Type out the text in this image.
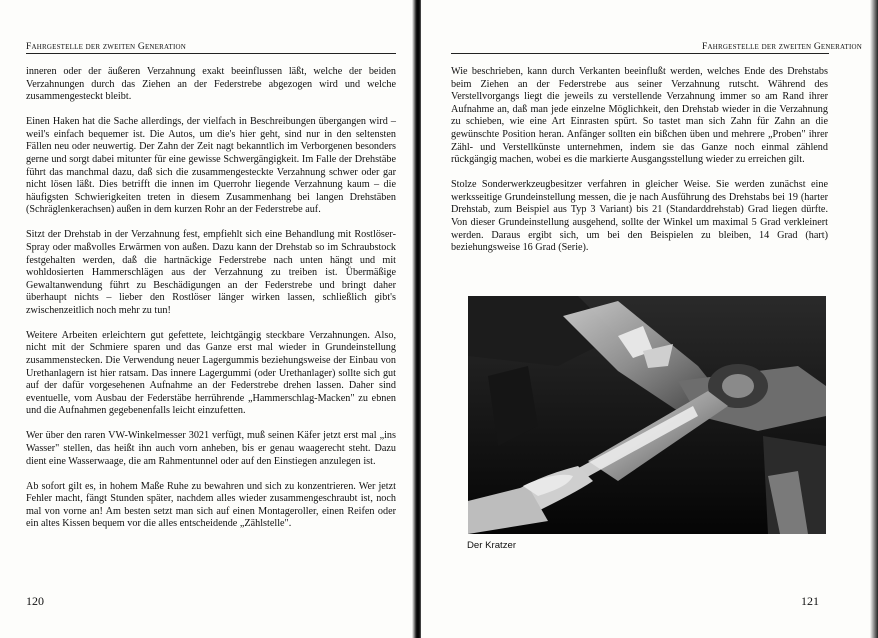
Fahrgestelle der zweiten Generation

inneren oder der äußeren Verzahnung exakt beeinflussen läßt, welche der beiden Verzahnungen durch das Ziehen an der Federstrebe abgezogen wird und welche zusammengesteckt bleibt.

Einen Haken hat die Sache allerdings, der vielfach in Beschreibungen übergangen wird – weil's einfach bequemer ist. Die Autos, um die's hier geht, sind nur in den seltensten Fällen neu oder neuwertig. Der Zahn der Zeit nagt bekanntlich im Verborgenen besonders gerne und sorgt dabei mitunter für eine gewisse Schwergängigkeit. Im Falle der Drehstäbe führt das manchmal dazu, daß sich die zusammengesteckte Verzahnung schwer oder gar nicht lösen läßt. Dies betrifft die innen im Querrohr liegende Verzahnung kaum – die häufigsten Schwierigkeiten treten in diesem Zusammenhang bei langen Drehstäben (Schräglenkerachsen) außen in dem kurzen Rohr an der Federstrebe auf.

Sitzt der Drehstab in der Verzahnung fest, empfiehlt sich eine Behandlung mit Rostlöser-Spray oder maßvolles Erwärmen von außen. Dazu kann der Drehstab so im Schraubstock festgehalten werden, daß die hartnäckige Federstrebe nach unten hängt und mit wohldosierten Hammerschlägen aus der Verzahnung zu treiben ist. Übermäßige Gewaltanwendung führt zu Beschädigungen an der Federstrebe und bringt daher überhaupt nichts – lieber den Rostlöser länger wirken lassen, schließlich gibt's zwischenzeitlich noch mehr zu tun!

Weitere Arbeiten erleichtern gut gefettete, leichtgängig steckbare Verzahnungen. Also, nicht mit der Schmiere sparen und das Ganze erst mal wieder in Grundeinstellung zusammenstecken. Die Verwendung neuer Lagergummis beziehungsweise der Einbau von Urethanlagern ist hier ratsam. Das innere Lagergummi (oder Urethanlager) sollte sich gut auf der dafür vorgesehenen Aufnahme an der Federstrebe drehen lassen. Daher sind eventuelle, vom Ausbau der Federstäbe herrührende „Hammerschlag-Macken" zu ebnen und die Aufnahmen gegebenenfalls leicht einzufetten.

Wer über den raren VW-Winkelmesser 3021 verfügt, muß seinen Käfer jetzt erst mal „ins Wasser" stellen, das heißt ihn auch vorn anheben, bis er genau waagerecht steht. Dazu dient eine Wasserwaage, die am Rahmentunnel oder auf den Einstiegen anzulegen ist.

Ab sofort gilt es, in hohem Maße Ruhe zu bewahren und sich zu konzentrieren. Wer jetzt Fehler macht, fängt Stunden später, nachdem alles wieder zusammengeschraubt ist, noch mal von vorne an! Am besten setzt man sich auf einen Montageroller, einen Reifen oder ein altes Kissen bequem vor die alles entscheidende „Zählstelle".

120
Fahrgestelle der zweiten Generation

Wie beschrieben, kann durch Verkanten beeinflußt werden, welches Ende des Drehstabs beim Ziehen an der Federstrebe aus seiner Verzahnung rutscht. Während des Verstellvorgangs liegt die jeweils zu verstellende Verzahnung immer so am Rand ihrer Aufnahme an, daß man jede einzelne Möglichkeit, den Drehstab wieder in die Verzahnung zu schieben, wie eine Art Einrasten spürt. So tastet man sich Zahn für Zahn an die gewünschte Position heran. Anfänger sollten ein bißchen üben und mehrere „Proben" ihrer Zähl- und Verstellkünste unternehmen, indem sie das Ganze noch einmal zählend rückgängig machen, wobei es die markierte Ausgangsstellung wieder zu erreichen gilt.

Stolze Sonderwerkzeugbesitzer verfahren in gleicher Weise. Sie werden zunächst eine werksseitige Grundeinstellung messen, die je nach Ausführung des Drehstabs bei 19 (harter Drehstab, zum Beispiel aus Typ 3 Variant) bis 21 (Standarddrehstab) Grad liegen dürfte. Von dieser Grundeinstellung ausgehend, sollte der Winkel um maximal 5 Grad verkleinert werden. Daraus ergibt sich, um bei den Beispielen zu bleiben, 14 Grad (hart) beziehungsweise 16 Grad (Serie).

Der Kratzer
121
